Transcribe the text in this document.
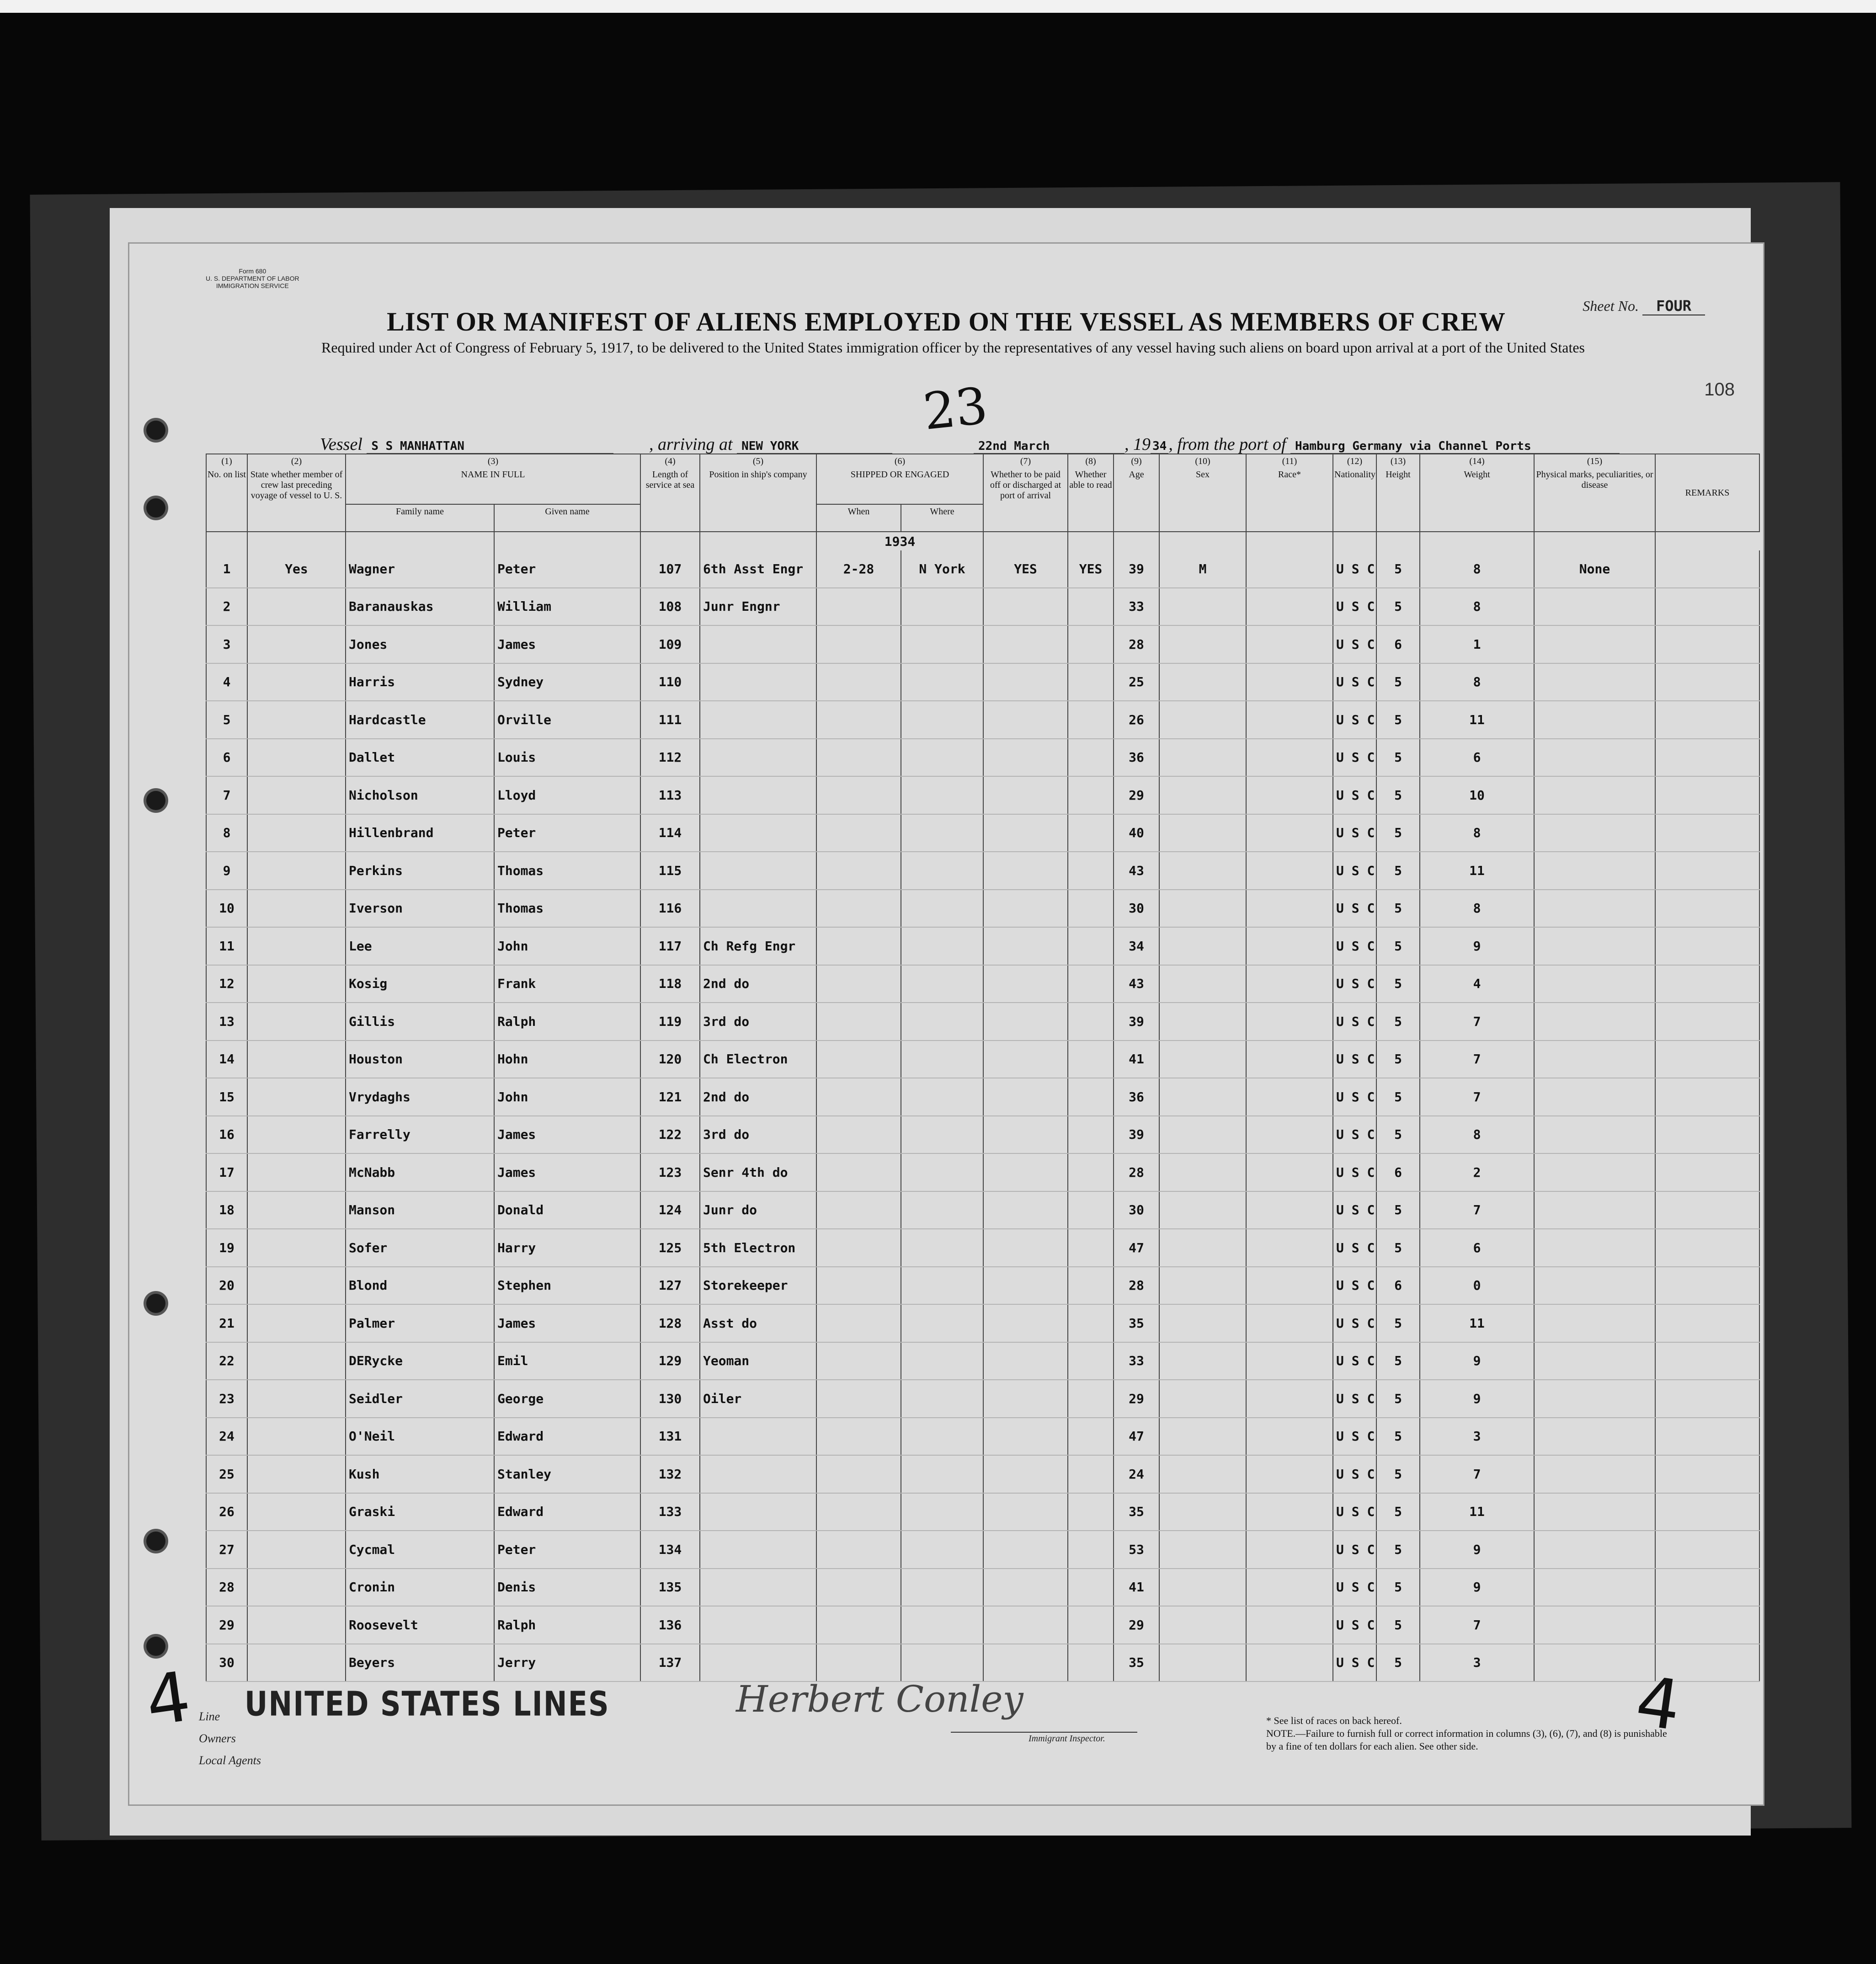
Form 680
U. S. DEPARTMENT OF LABOR
IMMIGRATION SERVICE
Sheet No. FOUR
LIST OR MANIFEST OF ALIENS EMPLOYED ON THE VESSEL AS MEMBERS OF CREW
Required under Act of Congress of February 5, 1917, to be delivered to the United States immigration officer by the representatives of any vessel having such aliens on board upon arrival at a port of the United States
108
23
Vessel S S MANHATTAN	, arriving at NEW YORK	22nd March	, 19 34 , from the port of Hamburg Germany via Channel Ports
(1)
No. on list	(2)
State whether member of crew last preceding voyage of vessel to U. S.	(3)
NAME IN FULL		(4)
Length of service at sea	(5)
Position in ship's company	(6)
SHIPPED OR ENGAGED		(7)
Whether to be paid off or discharged at port of arrival	(8)
Whether able to read	(9)
Age	(10)
Sex	(11)
Race*	(12)
Nationality	(13)
Height	(14)
Weight	(15)
Physical marks, peculiarities, or disease	REMARKS
		Family name	Given name			When	Where										
						1934											
1	Yes	Wagner	Peter	107	6th Asst Engr	2-28	N York	YES	YES	39	M		U S C	5	8	None	
2		Baranauskas	William	108	Junr Engnr					33			U S C	5	8		
3		Jones	James	109						28			U S C	6	1		
4		Harris	Sydney	110						25			U S C	5	8		
5		Hardcastle	Orville	111						26			U S C	5	11		
6		Dallet	Louis	112						36			U S C	5	6		
7		Nicholson	Lloyd	113						29			U S C	5	10		
8		Hillenbrand	Peter	114						40			U S C	5	8		
9		Perkins	Thomas	115						43			U S C	5	11		
10		Iverson	Thomas	116						30			U S C	5	8		
11		Lee	John	117	Ch Refg Engr					34			U S C	5	9		
12		Kosig	Frank	118	2nd do					43			U S C	5	4		
13		Gillis	Ralph	119	3rd do					39			U S C	5	7		
14		Houston	Hohn	120	Ch Electron					41			U S C	5	7		
15		Vrydaghs	John	121	2nd do					36			U S C	5	7		
16		Farrelly	James	122	3rd do					39			U S C	5	8		
17		McNabb	James	123	Senr 4th do					28			U S C	6	2		
18		Manson	Donald	124	Junr do					30			U S C	5	7		
19		Sofer	Harry	125	5th Electron					47			U S C	5	6		
20		Blond	Stephen	127	Storekeeper					28			U S C	6	0		
21		Palmer	James	128	Asst do					35			U S C	5	11		
22		DERycke	Emil	129	Yeoman					33			U S C	5	9		
23		Seidler	George	130	Oiler					29			U S C	5	9		
24		O'Neil	Edward	131						47			U S C	5	3		
25		Kush	Stanley	132						24			U S C	5	7		
26		Graski	Edward	133						35			U S C	5	11		
27		Cycmal	Peter	134						53			U S C	5	9		
28		Cronin	Denis	135						41			U S C	5	9		
29		Roosevelt	Ralph	136						29			U S C	5	7		
30		Beyers	Jerry	137						35			U S C	5	3		
4	4
Line
Owners
Local Agents
UNITED STATES LINES	Herbert Conley
Immigrant Inspector.
* See list of races on back hereof.
NOTE.—Failure to furnish full or correct information in columns (3), (6), (7), and (8) is punishable by a fine of ten dollars for each alien. See other side.
